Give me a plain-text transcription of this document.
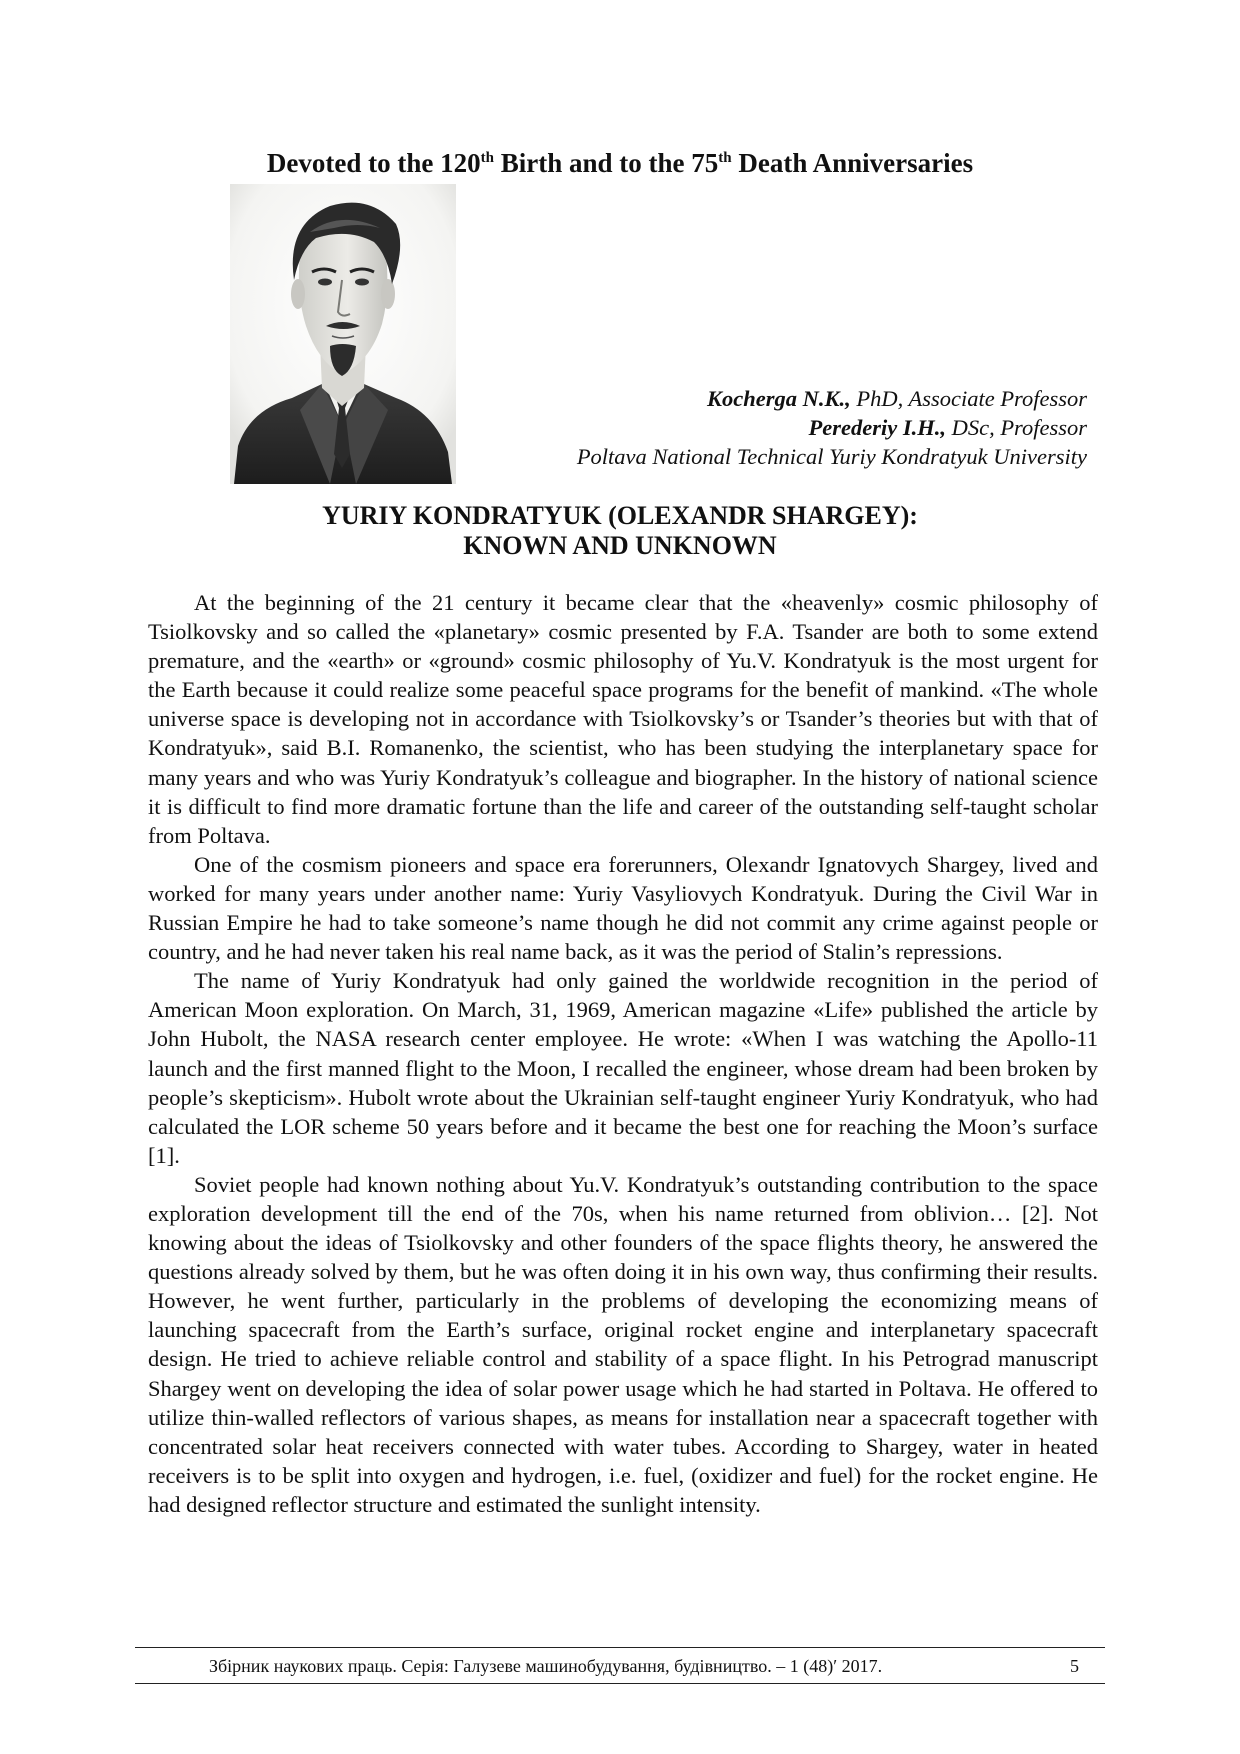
Devoted to the 120th Birth and to the 75th Death Anniversaries
Kocherga N.K., PhD, Associate Professor
Perederiy I.H., DSc, Professor
Poltava National Technical Yuriy Kondratyuk University
YURIY KONDRATYUK (OLEXANDR SHARGEY):
KNOWN AND UNKNOWN

At the beginning of the 21 century it became clear that the «heavenly» cosmic philosophy of Tsiolkovsky and so called the «planetary» cosmic presented by F.A. Tsander are both to some extend premature, and the «earth» or «ground» cosmic philosophy of Yu.V. Kondratyuk is the most urgent for the Earth because it could realize some peaceful space programs for the benefit of mankind. «The whole universe space is developing not in accordance with Tsiolkovsky’s or Tsander’s theories but with that of Kondratyuk», said B.I. Romanenko, the scientist, who has been studying the interplanetary space for many years and who was Yuriy Kondratyuk’s colleague and biographer. In the history of national science it is difficult to find more dramatic fortune than the life and career of the outstanding self-taught scholar from Poltava.

One of the cosmism pioneers and space era forerunners, Olexandr Ignatovych Shargey, lived and worked for many years under another name: Yuriy Vasyliovych Kondratyuk. During the Civil War in Russian Empire he had to take someone’s name though he did not commit any crime against people or country, and he had never taken his real name back, as it was the period of Stalin’s repressions.

The name of Yuriy Kondratyuk had only gained the worldwide recognition in the period of American Moon exploration. On March, 31, 1969, American magazine «Life» published the article by John Hubolt, the NASA research center employee. He wrote: «When I was watching the Apollo-11 launch and the first manned flight to the Moon, I recalled the engineer, whose dream had been broken by people’s skepticism». Hubolt wrote about the Ukrainian self-taught engineer Yuriy Kondratyuk, who had calculated the LOR scheme 50 years before and it became the best one for reaching the Moon’s surface [1].

Soviet people had known nothing about Yu.V. Kondratyuk’s outstanding contribution to the space exploration development till the end of the 70s, when his name returned from oblivion… [2]. Not knowing about the ideas of Tsiolkovsky and other founders of the space flights theory, he answered the questions already solved by them, but he was often doing it in his own way, thus confirming their results. However, he went further, particularly in the problems of developing the economizing means of launching spacecraft from the Earth’s surface, original rocket engine and interplanetary spacecraft design. He tried to achieve reliable control and stability of a space flight. In his Petrograd manuscript Shargey went on developing the idea of solar power usage which he had started in Poltava. He offered to utilize thin-walled reflectors of various shapes, as means for installation near a spacecraft together with concentrated solar heat receivers connected with water tubes. According to Shargey, water in heated receivers is to be split into oxygen and hydrogen, i.e. fuel, (oxidizer and fuel) for the rocket engine. He had designed reflector structure and estimated the sunlight intensity.

Збірник наукових праць. Серія: Галузеве машинобудування, будівництво. – 1 (48)′ 2017.	5
